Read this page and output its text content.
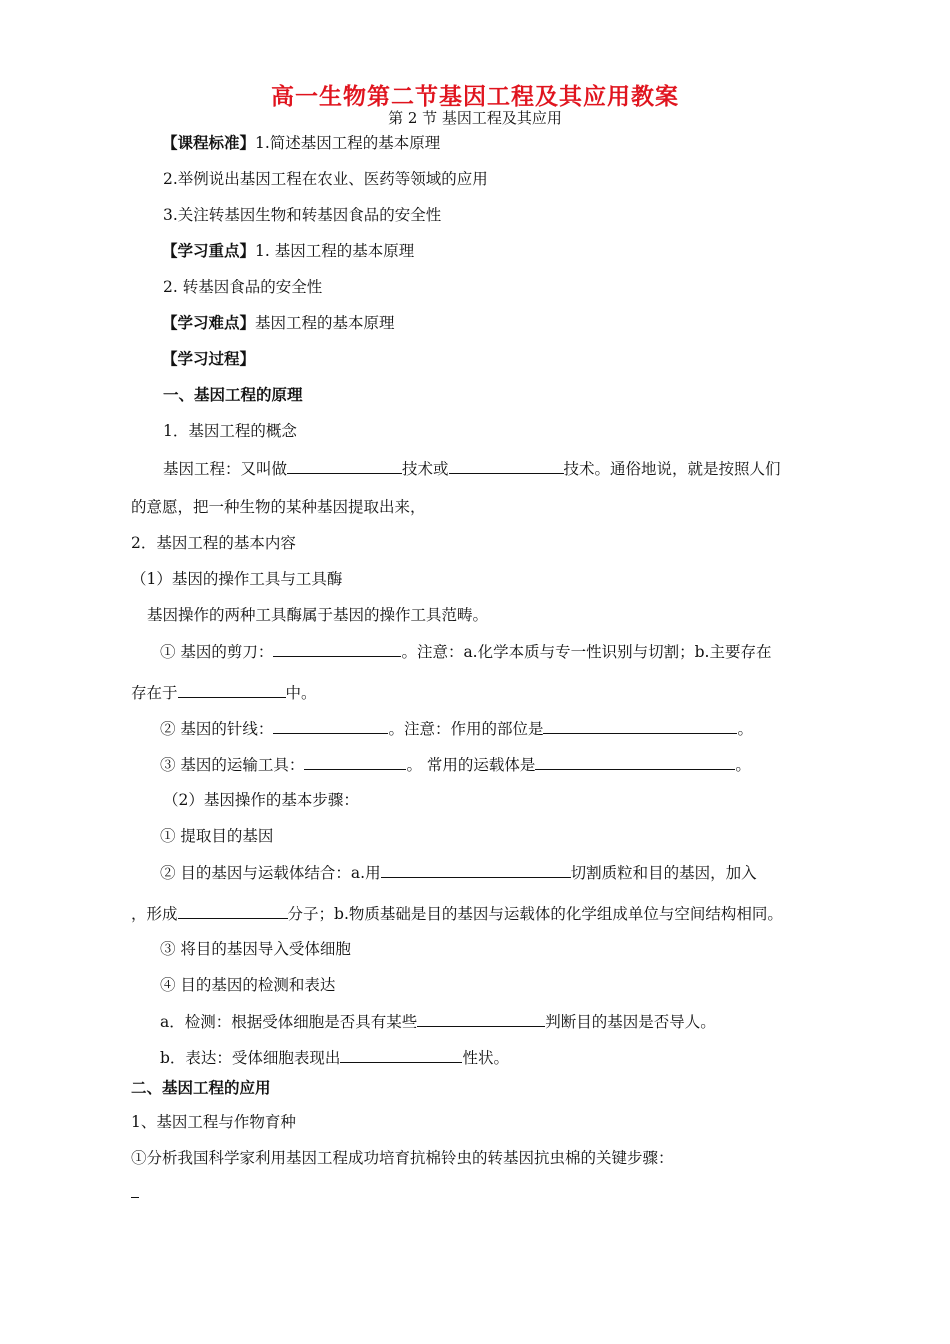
高一生物第二节基因工程及其应用教案
第 2 节 基因工程及其应用
【课程标准】1.简述基因工程的基本原理
2.举例说出基因工程在农业、医药等领域的应用
3.关注转基因生物和转基因食品的安全性
【学习重点】1. 基因工程的基本原理
2. 转基因食品的安全性
【学习难点】基因工程的基本原理
【学习过程】
一、基因工程的原理
1．基因工程的概念
基因工程：又叫做	技术或	技术。通俗地说，就是按照人们
的意愿，把一种生物的某种基因提取出来，
2．基因工程的基本内容
（1）基因的操作工具与工具酶
基因操作的两种工具酶属于基因的操作工具范畴。
① 基因的剪刀：	。注意：a.化学本质与专一性识别与切割；b.主要存在
存在于	中。
② 基因的针线：	。注意：作用的部位是	。
③ 基因的运输工具：	。 常用的运载体是	。
（2）基因操作的基本步骤：
① 提取目的基因
② 目的基因与运载体结合：a.用	切割质粒和目的基因，加入
，形成	分子；b.物质基础是目的基因与运载体的化学组成单位与空间结构相同。
③ 将目的基因导入受体细胞
④ 目的基因的检测和表达
a．检测：根据受体细胞是否具有某些	判断目的基因是否导人。
b．表达：受体细胞表现出	性状。
二、基因工程的应用
1、基因工程与作物育种
①分析我国科学家利用基因工程成功培育抗棉铃虫的转基因抗虫棉的关键步骤：
